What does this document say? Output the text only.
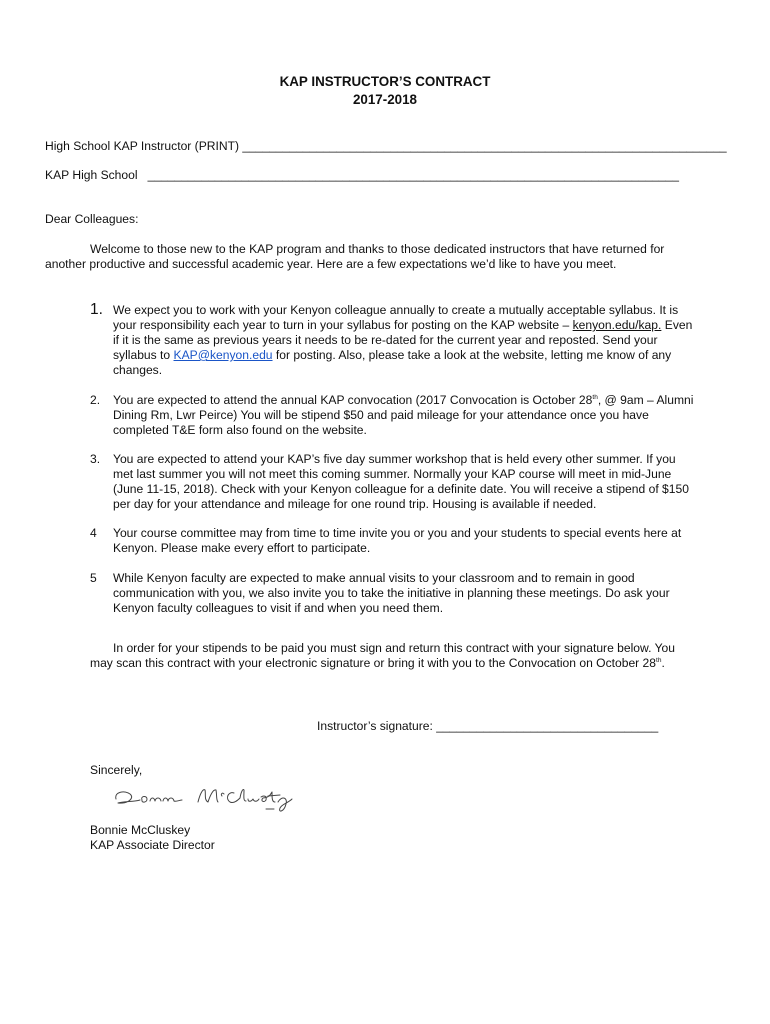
KAP INSTRUCTOR’S CONTRACT
2017-2018
High School KAP Instructor (PRINT) ________________________________________________________________________
KAP High School _______________________________________________________________________________
Dear Colleagues:
Welcome to those new to the KAP program and thanks to those dedicated instructors that have returned for
another productive and successful academic year. Here are a few expectations we’d like to have you meet.
1. We expect you to work with your Kenyon colleague annually to create a mutually acceptable syllabus. It is
your responsibility each year to turn in your syllabus for posting on the KAP website – kenyon.edu/kap. Even
if it is the same as previous years it needs to be re-dated for the current year and reposted. Send your
syllabus to KAP@kenyon.edu for posting. Also, please take a look at the website, letting me know of any
changes.
2. You are expected to attend the annual KAP convocation (2017 Convocation is October 28th, @ 9am – Alumni
Dining Rm, Lwr Peirce) You will be stipend $50 and paid mileage for your attendance once you have
completed T&E form also found on the website.
3. You are expected to attend your KAP’s five day summer workshop that is held every other summer. If you
met last summer you will not meet this coming summer. Normally your KAP course will meet in mid-June
(June 11-15, 2018). Check with your Kenyon colleague for a definite date. You will receive a stipend of $150
per day for your attendance and mileage for one round trip. Housing is available if needed.
4 Your course committee may from time to time invite you or you and your students to special events here at
Kenyon. Please make every effort to participate.
5 While Kenyon faculty are expected to make annual visits to your classroom and to remain in good
communication with you, we also invite you to take the initiative in planning these meetings. Do ask your
Kenyon faculty colleagues to visit if and when you need them.
In order for your stipends to be paid you must sign and return this contract with your signature below. You
may scan this contract with your electronic signature or bring it with you to the Convocation on October 28th.
Instructor’s signature: _________________________________
Sincerely,
Bonnie McCluskey
KAP Associate Director
